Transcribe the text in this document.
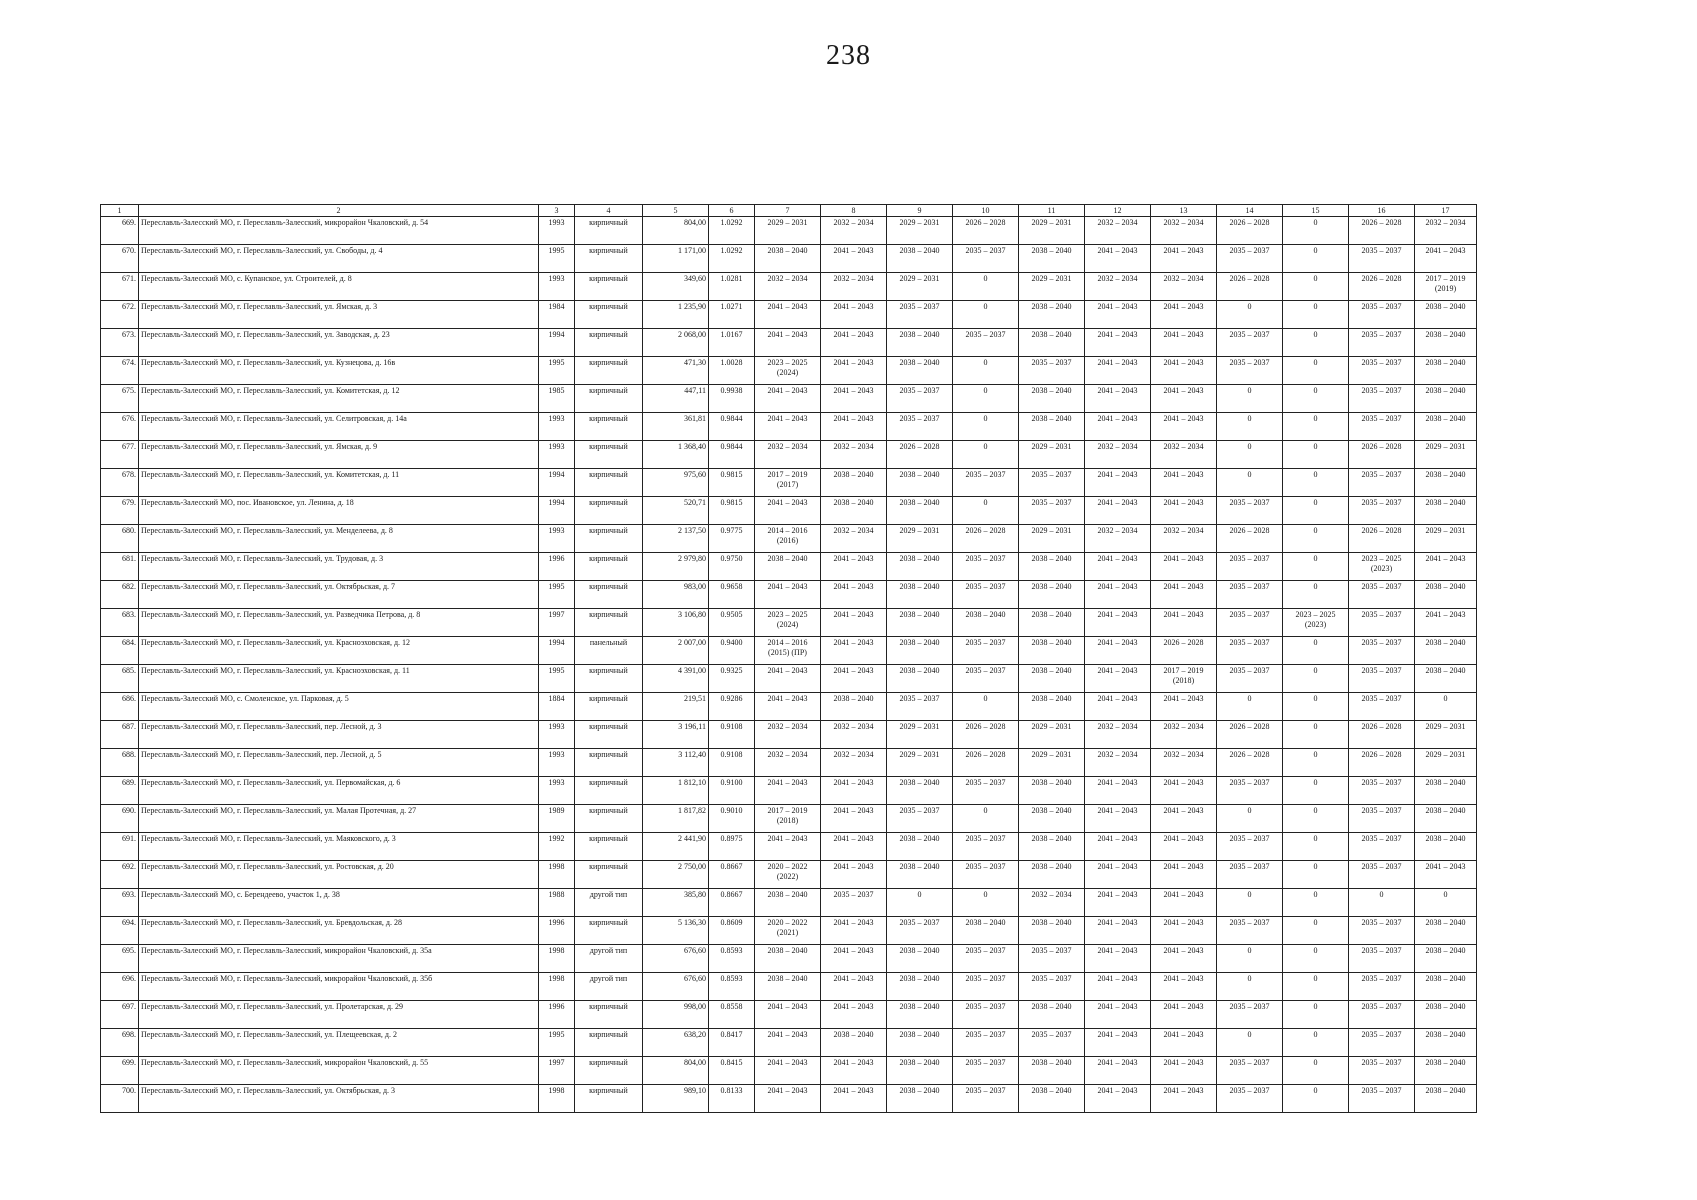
238
1	2	3	4	5	6	7	8	9	10	11	12	13	14	15	16	17
669.	Переславль-Залесский МО, г. Переславль-Залесский, микрорайон Чкаловский, д. 54	1993	кирпичный	804,00	1.0292	2029 – 2031	2032 – 2034	2029 – 2031	2026 – 2028	2029 – 2031	2032 – 2034	2032 – 2034	2026 – 2028	0	2026 – 2028	2032 – 2034
670.	Переславль-Залесский МО, г. Переславль-Залесский, ул. Свободы, д. 4	1995	кирпичный	1 171,00	1.0292	2038 – 2040	2041 – 2043	2038 – 2040	2035 – 2037	2038 – 2040	2041 – 2043	2041 – 2043	2035 – 2037	0	2035 – 2037	2041 – 2043
671.	Переславль-Залесский МО, с. Купанское, ул. Строителей, д. 8	1993	кирпичный	349,60	1.0281	2032 – 2034	2032 – 2034	2029 – 2031	0	2029 – 2031	2032 – 2034	2032 – 2034	2026 – 2028	0	2026 – 2028	2017 – 2019
(2019)
672.	Переславль-Залесский МО, г. Переславль-Залесский, ул. Ямская, д. 3	1984	кирпичный	1 235,90	1.0271	2041 – 2043	2041 – 2043	2035 – 2037	0	2038 – 2040	2041 – 2043	2041 – 2043	0	0	2035 – 2037	2038 – 2040
673.	Переславль-Залесский МО, г. Переславль-Залесский, ул. Заводская, д. 23	1994	кирпичный	2 068,00	1.0167	2041 – 2043	2041 – 2043	2038 – 2040	2035 – 2037	2038 – 2040	2041 – 2043	2041 – 2043	2035 – 2037	0	2035 – 2037	2038 – 2040
674.	Переславль-Залесский МО, г. Переславль-Залесский, ул. Кузнецова, д. 16в	1995	кирпичный	471,30	1.0028	2023 – 2025
(2024)	2041 – 2043	2038 – 2040	0	2035 – 2037	2041 – 2043	2041 – 2043	2035 – 2037	0	2035 – 2037	2038 – 2040
675.	Переславль-Залесский МО, г. Переславль-Залесский, ул. Комитетская, д. 12	1985	кирпичный	447,11	0.9938	2041 – 2043	2041 – 2043	2035 – 2037	0	2038 – 2040	2041 – 2043	2041 – 2043	0	0	2035 – 2037	2038 – 2040
676.	Переславль-Залесский МО, г. Переславль-Залесский, ул. Селитровская, д. 14а	1993	кирпичный	361,81	0.9844	2041 – 2043	2041 – 2043	2035 – 2037	0	2038 – 2040	2041 – 2043	2041 – 2043	0	0	2035 – 2037	2038 – 2040
677.	Переславль-Залесский МО, г. Переславль-Залесский, ул. Ямская, д. 9	1993	кирпичный	1 368,40	0.9844	2032 – 2034	2032 – 2034	2026 – 2028	0	2029 – 2031	2032 – 2034	2032 – 2034	0	0	2026 – 2028	2029 – 2031
678.	Переславль-Залесский МО, г. Переславль-Залесский, ул. Комитетская, д. 11	1994	кирпичный	975,60	0.9815	2017 – 2019
(2017)	2038 – 2040	2038 – 2040	2035 – 2037	2035 – 2037	2041 – 2043	2041 – 2043	0	0	2035 – 2037	2038 – 2040
679.	Переславль-Залесский МО, пос. Ивановское, ул. Ленина, д. 18	1994	кирпичный	520,71	0.9815	2041 – 2043	2038 – 2040	2038 – 2040	0	2035 – 2037	2041 – 2043	2041 – 2043	2035 – 2037	0	2035 – 2037	2038 – 2040
680.	Переславль-Залесский МО, г. Переславль-Залесский, ул. Менделеева, д. 8	1993	кирпичный	2 137,50	0.9775	2014 – 2016
(2016)	2032 – 2034	2029 – 2031	2026 – 2028	2029 – 2031	2032 – 2034	2032 – 2034	2026 – 2028	0	2026 – 2028	2029 – 2031
681.	Переславль-Залесский МО, г. Переславль-Залесский, ул. Трудовая, д. 3	1996	кирпичный	2 979,80	0.9750	2038 – 2040	2041 – 2043	2038 – 2040	2035 – 2037	2038 – 2040	2041 – 2043	2041 – 2043	2035 – 2037	0	2023 – 2025
(2023)	2041 – 2043
682.	Переславль-Залесский МО, г. Переславль-Залесский, ул. Октябрьская, д. 7	1995	кирпичный	983,00	0.9658	2041 – 2043	2041 – 2043	2038 – 2040	2035 – 2037	2038 – 2040	2041 – 2043	2041 – 2043	2035 – 2037	0	2035 – 2037	2038 – 2040
683.	Переславль-Залесский МО, г. Переславль-Залесский, ул. Разведчика Петрова, д. 8	1997	кирпичный	3 106,80	0.9505	2023 – 2025
(2024)	2041 – 2043	2038 – 2040	2038 – 2040	2038 – 2040	2041 – 2043	2041 – 2043	2035 – 2037	2023 – 2025
(2023)	2035 – 2037	2041 – 2043
684.	Переславль-Залесский МО, г. Переславль-Залесский, ул. Красноэховская, д. 12	1994	панельный	2 007,00	0.9400	2014 – 2016
(2015) (ПР)	2041 – 2043	2038 – 2040	2035 – 2037	2038 – 2040	2041 – 2043	2026 – 2028	2035 – 2037	0	2035 – 2037	2038 – 2040
685.	Переславль-Залесский МО, г. Переславль-Залесский, ул. Красноэховская, д. 11	1995	кирпичный	4 391,00	0.9325	2041 – 2043	2041 – 2043	2038 – 2040	2035 – 2037	2038 – 2040	2041 – 2043	2017 – 2019
(2018)	2035 – 2037	0	2035 – 2037	2038 – 2040
686.	Переславль-Залесский МО, с. Смоленское, ул. Парковая, д. 5	1884	кирпичный	219,51	0.9286	2041 – 2043	2038 – 2040	2035 – 2037	0	2038 – 2040	2041 – 2043	2041 – 2043	0	0	2035 – 2037	0
687.	Переславль-Залесский МО, г. Переславль-Залесский, пер. Лесной, д. 3	1993	кирпичный	3 196,11	0.9108	2032 – 2034	2032 – 2034	2029 – 2031	2026 – 2028	2029 – 2031	2032 – 2034	2032 – 2034	2026 – 2028	0	2026 – 2028	2029 – 2031
688.	Переславль-Залесский МО, г. Переславль-Залесский, пер. Лесной, д. 5	1993	кирпичный	3 112,40	0.9108	2032 – 2034	2032 – 2034	2029 – 2031	2026 – 2028	2029 – 2031	2032 – 2034	2032 – 2034	2026 – 2028	0	2026 – 2028	2029 – 2031
689.	Переславль-Залесский МО, г. Переславль-Залесский, ул. Первомайская, д. 6	1993	кирпичный	1 812,10	0.9100	2041 – 2043	2041 – 2043	2038 – 2040	2035 – 2037	2038 – 2040	2041 – 2043	2041 – 2043	2035 – 2037	0	2035 – 2037	2038 – 2040
690.	Переславль-Залесский МО, г. Переславль-Залесский, ул. Малая Протечная, д. 27	1989	кирпичный	1 817,82	0.9010	2017 – 2019
(2018)	2041 – 2043	2035 – 2037	0	2038 – 2040	2041 – 2043	2041 – 2043	0	0	2035 – 2037	2038 – 2040
691.	Переславль-Залесский МО, г. Переславль-Залесский, ул. Маяковского, д. 3	1992	кирпичный	2 441,90	0.8975	2041 – 2043	2041 – 2043	2038 – 2040	2035 – 2037	2038 – 2040	2041 – 2043	2041 – 2043	2035 – 2037	0	2035 – 2037	2038 – 2040
692.	Переславль-Залесский МО, г. Переславль-Залесский, ул. Ростовская, д. 20	1998	кирпичный	2 750,00	0.8667	2020 – 2022
(2022)	2041 – 2043	2038 – 2040	2035 – 2037	2038 – 2040	2041 – 2043	2041 – 2043	2035 – 2037	0	2035 – 2037	2041 – 2043
693.	Переславль-Залесский МО, с. Берендеево, участок 1, д. 38	1988	другой тип	385,80	0.8667	2038 – 2040	2035 – 2037	0	0	2032 – 2034	2041 – 2043	2041 – 2043	0	0	0	0
694.	Переславль-Залесский МО, г. Переславль-Залесский, ул. Бревдольская, д. 28	1996	кирпичный	5 136,30	0.8609	2020 – 2022
(2021)	2041 – 2043	2035 – 2037	2038 – 2040	2038 – 2040	2041 – 2043	2041 – 2043	2035 – 2037	0	2035 – 2037	2038 – 2040
695.	Переславль-Залесский МО, г. Переславль-Залесский, микрорайон Чкаловский, д. 35а	1998	другой тип	676,60	0.8593	2038 – 2040	2041 – 2043	2038 – 2040	2035 – 2037	2035 – 2037	2041 – 2043	2041 – 2043	0	0	2035 – 2037	2038 – 2040
696.	Переславль-Залесский МО, г. Переславль-Залесский, микрорайон Чкаловский, д. 35б	1998	другой тип	676,60	0.8593	2038 – 2040	2041 – 2043	2038 – 2040	2035 – 2037	2035 – 2037	2041 – 2043	2041 – 2043	0	0	2035 – 2037	2038 – 2040
697.	Переславль-Залесский МО, г. Переславль-Залесский, ул. Пролетарская, д. 29	1996	кирпичный	998,00	0.8558	2041 – 2043	2041 – 2043	2038 – 2040	2035 – 2037	2038 – 2040	2041 – 2043	2041 – 2043	2035 – 2037	0	2035 – 2037	2038 – 2040
698.	Переславль-Залесский МО, г. Переславль-Залесский, ул. Плещеевская, д. 2	1995	кирпичный	638,20	0.8417	2041 – 2043	2038 – 2040	2038 – 2040	2035 – 2037	2035 – 2037	2041 – 2043	2041 – 2043	0	0	2035 – 2037	2038 – 2040
699.	Переславль-Залесский МО, г. Переславль-Залесский, микрорайон Чкаловский, д. 55	1997	кирпичный	804,00	0.8415	2041 – 2043	2041 – 2043	2038 – 2040	2035 – 2037	2038 – 2040	2041 – 2043	2041 – 2043	2035 – 2037	0	2035 – 2037	2038 – 2040
700.	Переславль-Залесский МО, г. Переславль-Залесский, ул. Октябрьская, д. 3	1998	кирпичный	989,10	0.8133	2041 – 2043	2041 – 2043	2038 – 2040	2035 – 2037	2038 – 2040	2041 – 2043	2041 – 2043	2035 – 2037	0	2035 – 2037	2038 – 2040
